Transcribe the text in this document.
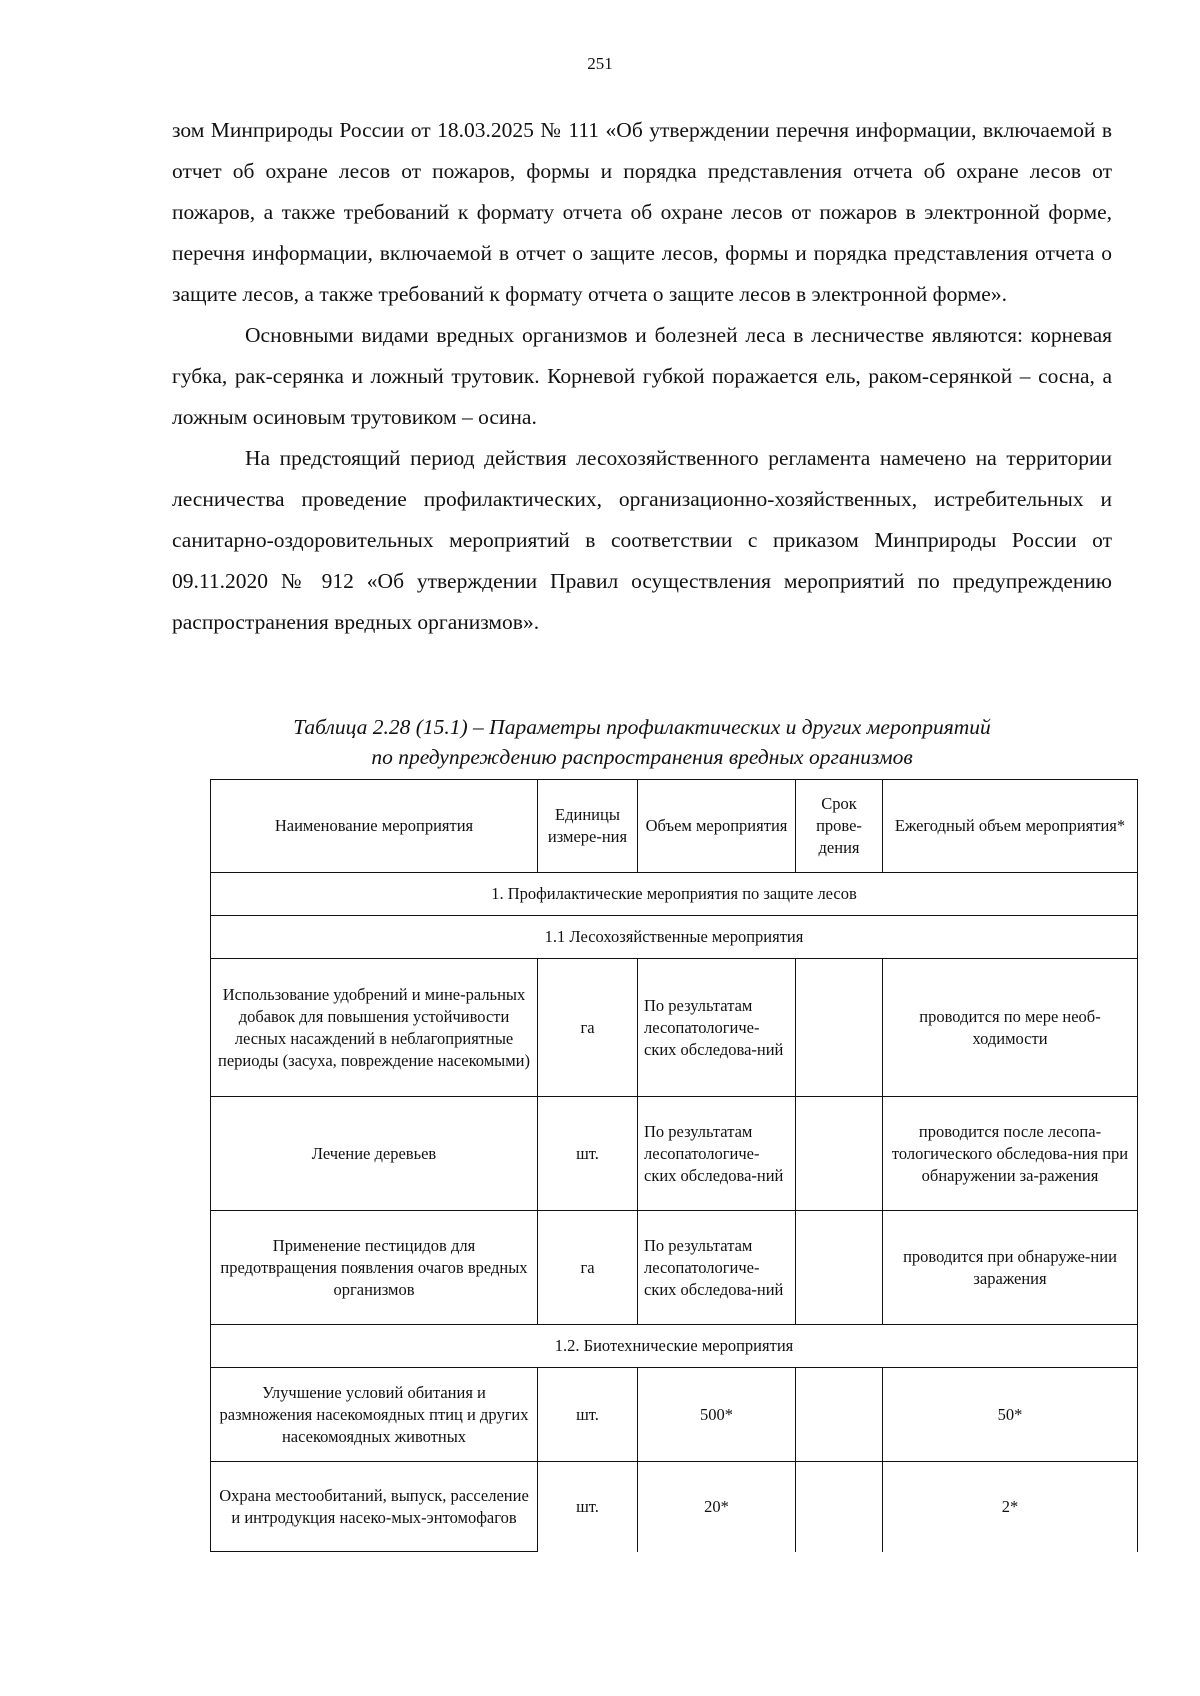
251

зом Минприроды России от 18.03.2025 № 111 «Об утверждении перечня информации, включаемой в отчет об охране лесов от пожаров, формы и порядка представления отчета об охране лесов от пожаров, а также требований к формату отчета об охране лесов от пожаров в электронной форме, перечня информации, включаемой в отчет о защите лесов, формы и порядка представления отчета о защите лесов, а также требований к формату отчета о защите лесов в электронной форме».

Основными видами вредных организмов и болезней леса в лесничестве являются: корневая губка, рак-серянка и ложный трутовик. Корневой губкой поражается ель, раком-серянкой – сосна, а ложным осиновым трутовиком – осина.

На предстоящий период действия лесохозяйственного регламента намечено на территории лесничества проведение профилактических, организационно-хозяйственных, истребительных и санитарно-оздоровительных мероприятий в соответствии с приказом Минприроды России от 09.11.2020 № 912 «Об утверждении Правил осуществления мероприятий по предупреждению распространения вредных организмов».

Таблица 2.28 (15.1) – Параметры профилактических и других мероприятий
по предупреждению распространения вредных организмов
Наименование мероприятия	Единицы измере-ния	Объем мероприятия	Срок прове-дения	Ежегодный объем мероприятия*
1. Профилактические мероприятия по защите лесов				
1.1 Лесохозяйственные мероприятия				
Использование удобрений и мине-ральных добавок для повышения устойчивости лесных насаждений в неблагоприятные периоды (засуха, повреждение насекомыми)	га	По результатам лесопатологиче-ских обследова-ний		проводится по мере необ-ходимости
Лечение деревьев	шт.	По результатам лесопатологиче-ских обследова-ний		проводится после лесопа-тологического обследова-ния при обнаружении за-ражения
Применение пестицидов для предотвращения появления очагов вредных организмов	га	По результатам лесопатологиче-ских обследова-ний		проводится при обнаруже-нии заражения
1.2. Биотехнические мероприятия				
Улучшение условий обитания и размножения насекомоядных птиц и других насекомоядных животных	шт.	500*		50*
Охрана местообитаний, выпуск, расселение и интродукция насеко-мых-энтомофагов	шт.	20*		2*
